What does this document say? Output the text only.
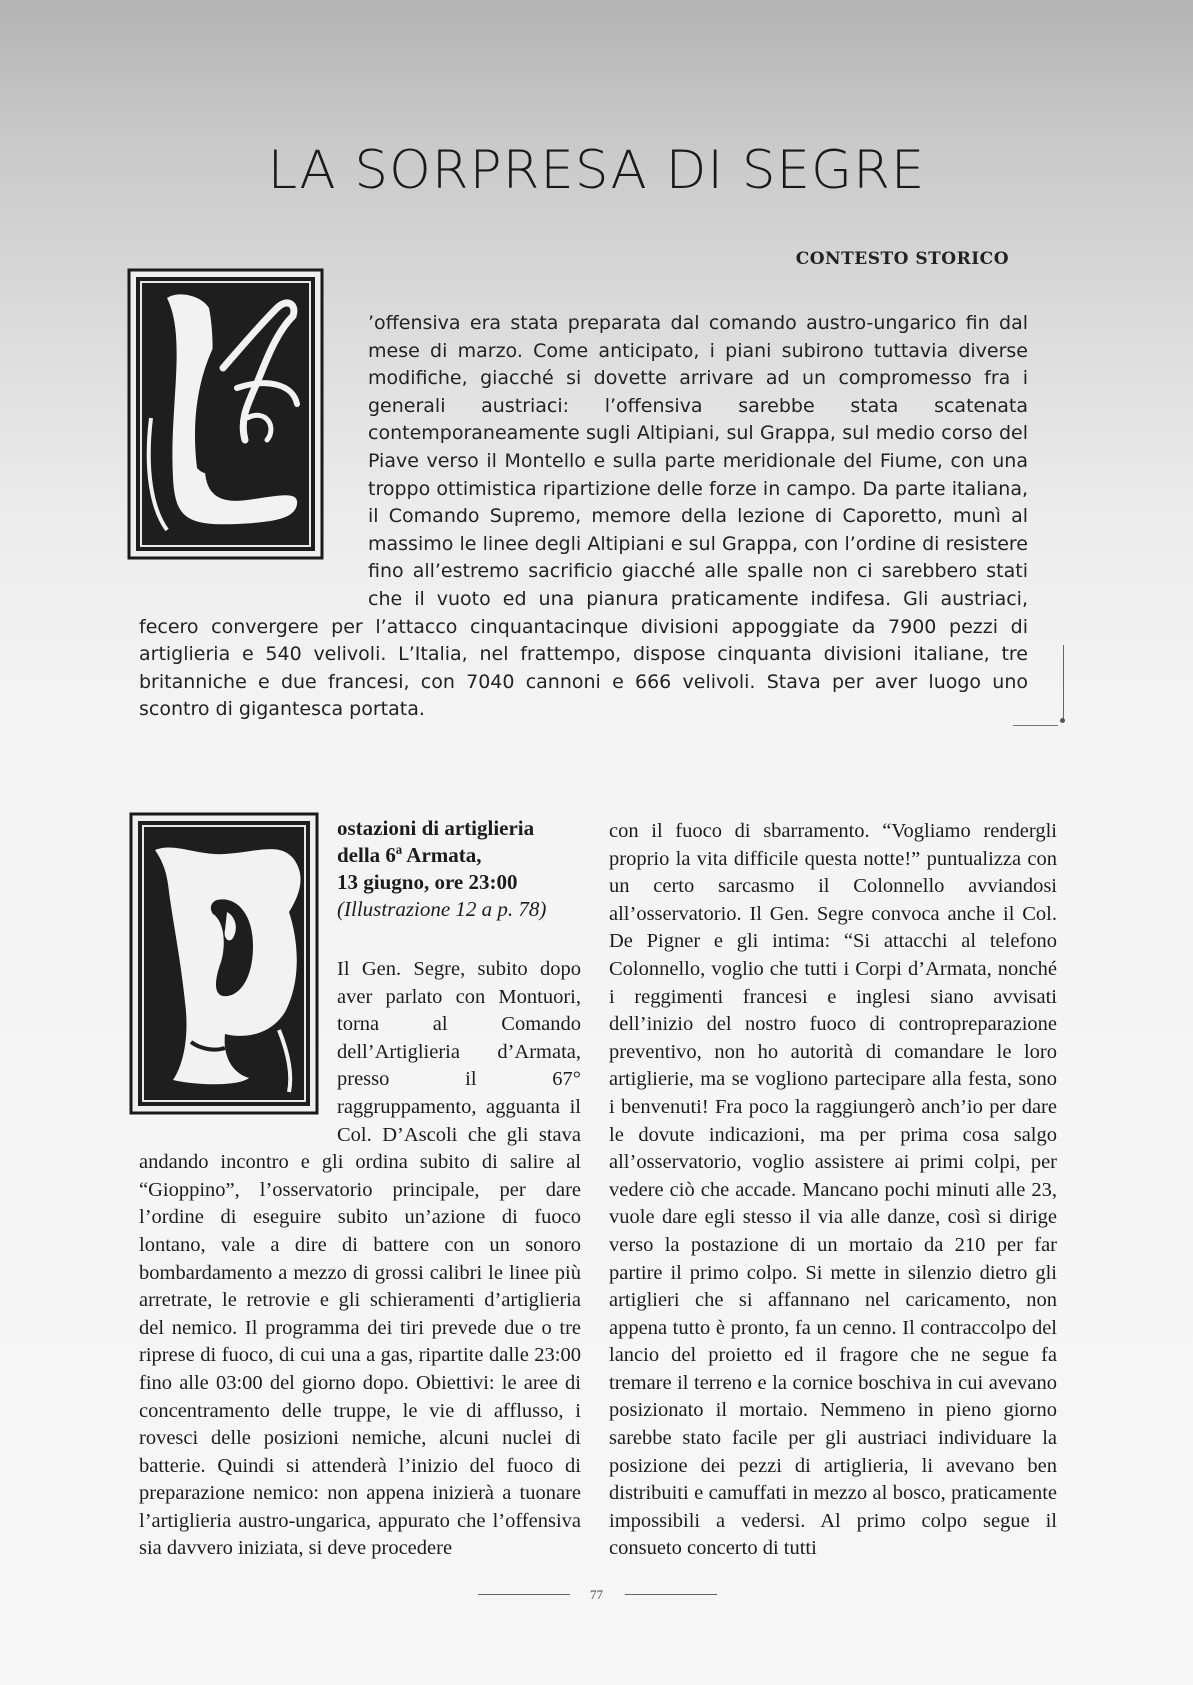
LA SORPRESA DI SEGRE
CONTESTO STORICO

’offensiva era stata preparata dal comando austro-ungarico fin dal mese di marzo. Come anticipato, i piani subirono tuttavia diverse modifiche, giacché si dovette arrivare ad un compromesso fra i generali austriaci: l’offensiva sarebbe stata scatenata contemporaneamente sugli Altipiani, sul Grappa, sul medio corso del Piave verso il Montello e sulla parte meridionale del Fiume, con una troppo ottimistica ripartizione delle forze in campo. Da parte italiana, il Comando Supremo, memore della lezione di Caporetto, munì al massimo le linee degli Altipiani e sul Grappa, con l’ordine di resistere fino all’estremo sacrificio giacché alle spalle non ci sarebbero stati che il vuoto ed una pianura praticamente indifesa. Gli austriaci, fecero convergere per l’attacco cinquantacinque divisioni appoggiate da 7900 pezzi di artiglieria e 540 velivoli. L’Italia, nel frattempo, dispose cinquanta divisioni italiane, tre britanniche e due francesi, con 7040 cannoni e 666 velivoli. Stava per aver luogo uno scontro di gigantesca portata.

ostazioni di artiglieria
della 6ª Armata,
13 giugno, ore 23:00
(Illustrazione 12 a p. 78)

Il Gen. Segre, subito dopo aver parlato con Montuori, torna al Comando dell’Artiglieria d’Armata, presso il 67° raggruppamento, agguanta il Col. D’Ascoli che gli stava andando incontro e gli ordina subito di salire al “Gioppino”, l’osservatorio principale, per dare l’ordine di eseguire subito un’azione di fuoco lontano, vale a dire di battere con un sonoro bombardamento a mezzo di grossi calibri le linee più arretrate, le retrovie e gli schieramenti d’artiglieria del nemico. Il programma dei tiri prevede due o tre riprese di fuoco, di cui una a gas, ripartite dalle 23:00 fino alle 03:00 del giorno dopo. Obiettivi: le aree di concentramento delle truppe, le vie di afflusso, i rovesci delle posizioni nemiche, alcuni nuclei di batterie. Quindi si attenderà l’inizio del fuoco di preparazione nemico: non appena inizierà a tuonare l’artiglieria austro-ungarica, appurato che l’offensiva sia davvero iniziata, si deve procedere

con il fuoco di sbarramento. “Vogliamo rendergli proprio la vita difficile questa notte!” puntualizza con un certo sarcasmo il Colonnello avviandosi all’osservatorio. Il Gen. Segre convoca anche il Col. De Pigner e gli intima: “Si attacchi al telefono Colonnello, voglio che tutti i Corpi d’Armata, nonché i reggimenti francesi e inglesi siano avvisati dell’inizio del nostro fuoco di contropreparazione preventivo, non ho autorità di comandare le loro artiglierie, ma se vogliono partecipare alla festa, sono i benvenuti! Fra poco la raggiungerò anch’io per dare le dovute indicazioni, ma per prima cosa salgo all’osservatorio, voglio assistere ai primi colpi, per vedere ciò che accade. Mancano pochi minuti alle 23, vuole dare egli stesso il via alle danze, così si dirige verso la postazione di un mortaio da 210 per far partire il primo colpo. Si mette in silenzio dietro gli artiglieri che si affannano nel caricamento, non appena tutto è pronto, fa un cenno. Il contraccolpo del lancio del proietto ed il fragore che ne segue fa tremare il terreno e la cornice boschiva in cui avevano posizionato il mortaio. Nemmeno in pieno giorno sarebbe stato facile per gli austriaci individuare la posizione dei pezzi di artiglieria, li avevano ben distribuiti e camuffati in mezzo al bosco, praticamente impossibili a vedersi. Al primo colpo segue il consueto concerto di tutti

77
